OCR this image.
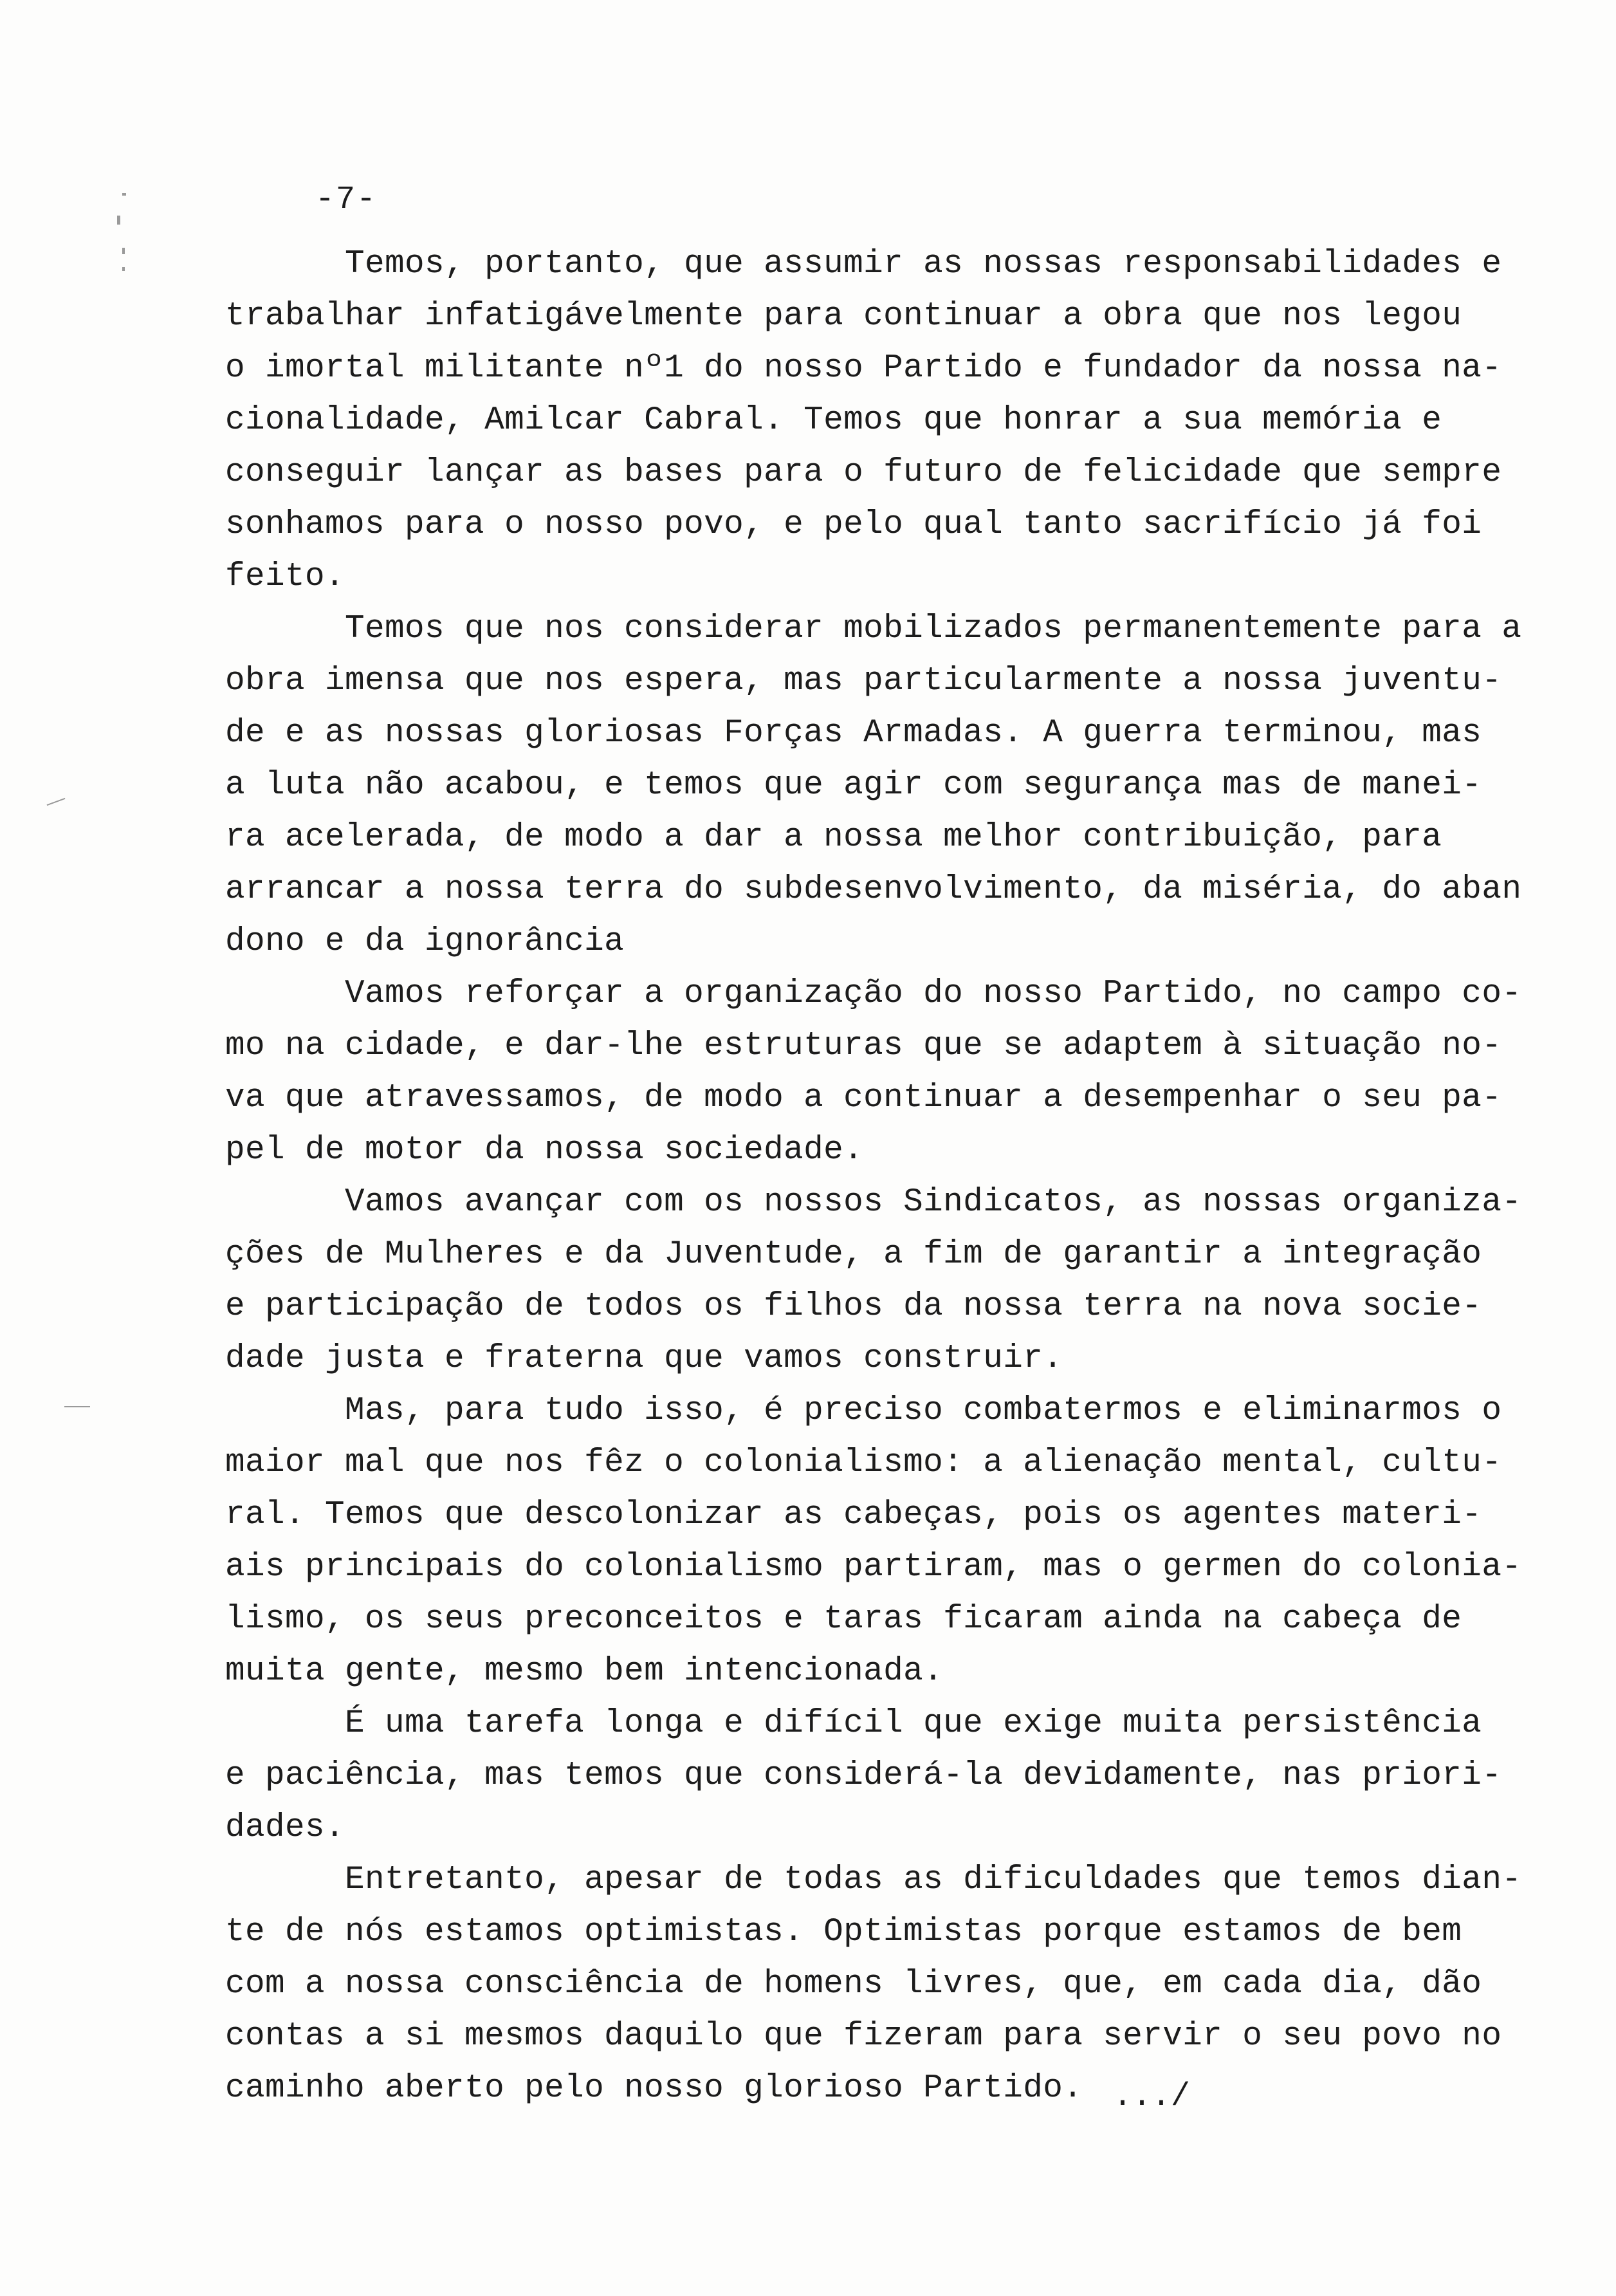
-7-
Temos, portanto, que assumir as nossas responsabilidades e
trabalhar infatigávelmente para continuar a obra que nos legou
o imortal militante nº1 do nosso Partido e fundador da nossa na-
cionalidade, Amilcar Cabral. Temos que honrar a sua memória e
conseguir lançar as bases para o futuro de felicidade que sempre
sonhamos para o nosso povo, e pelo qual tanto sacrifício já foi
feito.
Temos que nos considerar mobilizados permanentemente para a
obra imensa que nos espera, mas particularmente a nossa juventu-
de e as nossas gloriosas Forças Armadas. A guerra terminou, mas
a luta não acabou, e temos que agir com segurança mas de manei-
ra acelerada, de modo a dar a nossa melhor contribuição, para
arrancar a nossa terra do subdesenvolvimento, da miséria, do aban
dono e da ignorância
Vamos reforçar a organização do nosso Partido, no campo co-
mo na cidade, e dar-lhe estruturas que se adaptem à situação no-
va que atravessamos, de modo a continuar a desempenhar o seu pa-
pel de motor da nossa sociedade.
Vamos avançar com os nossos Sindicatos, as nossas organiza-
ções de Mulheres e da Juventude, a fim de garantir a integração
e participação de todos os filhos da nossa terra na nova socie-
dade justa e fraterna que vamos construir.
Mas, para tudo isso, é preciso combatermos e eliminarmos o
maior mal que nos fêz o colonialismo: a alienação mental, cultu-
ral. Temos que descolonizar as cabeças, pois os agentes materi-
ais principais do colonialismo partiram, mas o germen do colonia-
lismo, os seus preconceitos e taras ficaram ainda na cabeça de
muita gente, mesmo bem intencionada.
É uma tarefa longa e difícil que exige muita persistência
e paciência, mas temos que considerá-la devidamente, nas priori-
dades.
Entretanto, apesar de todas as dificuldades que temos dian-
te de nós estamos optimistas. Optimistas porque estamos de bem
com a nossa consciência de homens livres, que, em cada dia, dão
contas a si mesmos daquilo que fizeram para servir o seu povo no
caminho aberto pelo nosso glorioso Partido. .../
